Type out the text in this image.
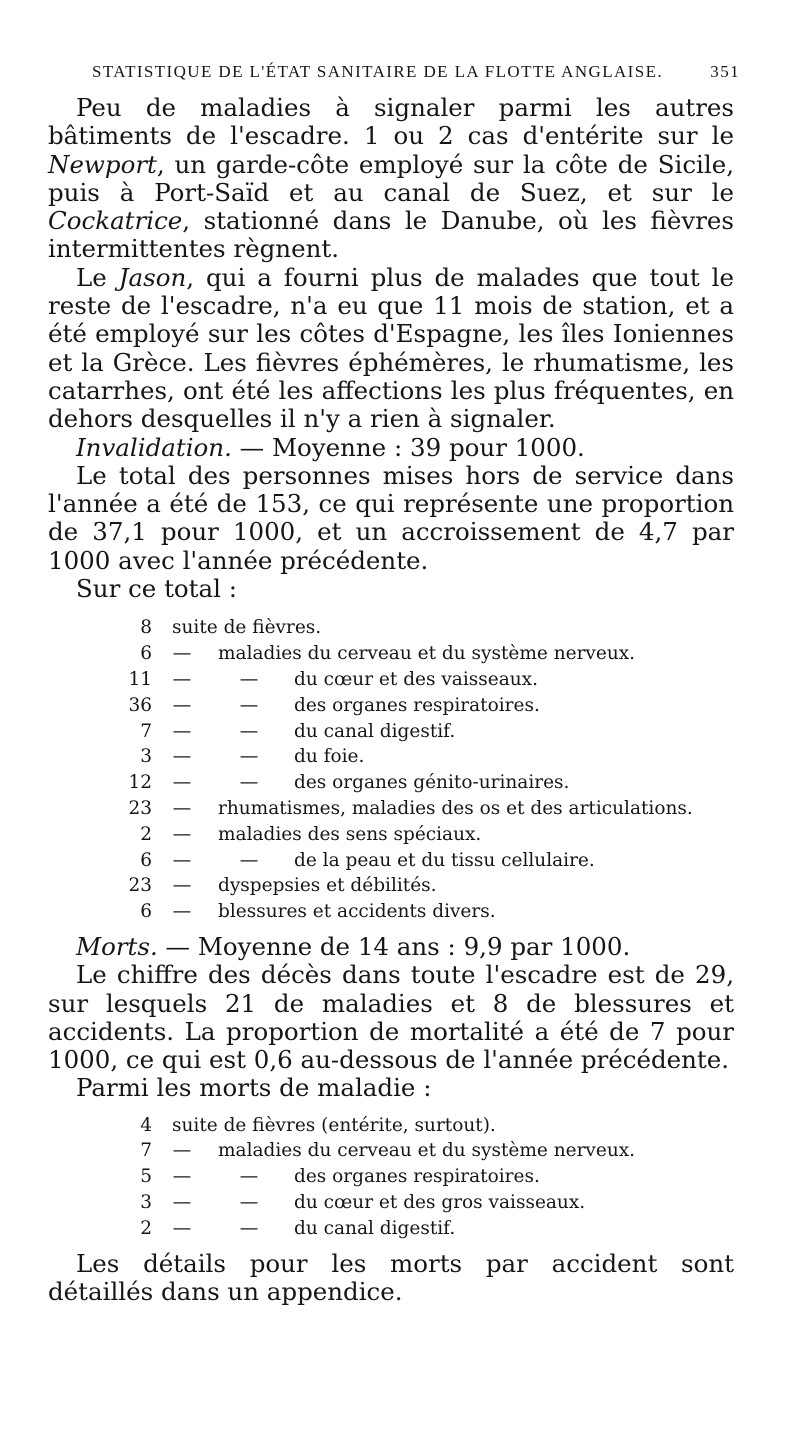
STATISTIQUE DE L'ÉTAT SANITAIRE DE LA FLOTTE ANGLAISE.	351

Peu de maladies à signaler parmi les autres bâtiments de l'escadre. 1 ou 2 cas d'entérite sur le Newport, un garde-côte employé sur la côte de Sicile, puis à Port-Saïd et au canal de Suez, et sur le Cockatrice, stationné dans le Danube, où les fièvres intermittentes règnent.

Le Jason, qui a fourni plus de malades que tout le reste de l'escadre, n'a eu que 11 mois de station, et a été employé sur les côtes d'Espagne, les îles Ioniennes et la Grèce. Les fièvres éphémères, le rhumatisme, les catarrhes, ont été les affections les plus fréquentes, en dehors desquelles il n'y a rien à signaler.

Invalidation. — Moyenne : 39 pour 1000.

Le total des personnes mises hors de service dans l'année a été de 153, ce qui représente une proportion de 37,1 pour 1000, et un accroissement de 4,7 par 1000 avec l'année précédente.

Sur ce total :

8	suite de fièvres.
6	—	maladies du cerveau et du système nerveux.
11	—	—	du cœur et des vaisseaux.
36	—	—	des organes respiratoires.
7	—	—	du canal digestif.
3	—	—	du foie.
12	—	—	des organes génito-urinaires.
23	—	rhumatismes, maladies des os et des articulations.
2	—	maladies des sens spéciaux.
6	—	—	de la peau et du tissu cellulaire.
23	—	dyspepsies et débilités.
6	—	blessures et accidents divers.

Morts. — Moyenne de 14 ans : 9,9 par 1000.

Le chiffre des décès dans toute l'escadre est de 29, sur lesquels 21 de maladies et 8 de blessures et accidents. La proportion de mortalité a été de 7 pour 1000, ce qui est 0,6 au-dessous de l'année précédente.

Parmi les morts de maladie :

4	suite de fièvres (entérite, surtout).
7	—	maladies du cerveau et du système nerveux.
5	—	—	des organes respiratoires.
3	—	—	du cœur et des gros vaisseaux.
2	—	—	du canal digestif.

Les détails pour les morts par accident sont détaillés dans un appendice.
